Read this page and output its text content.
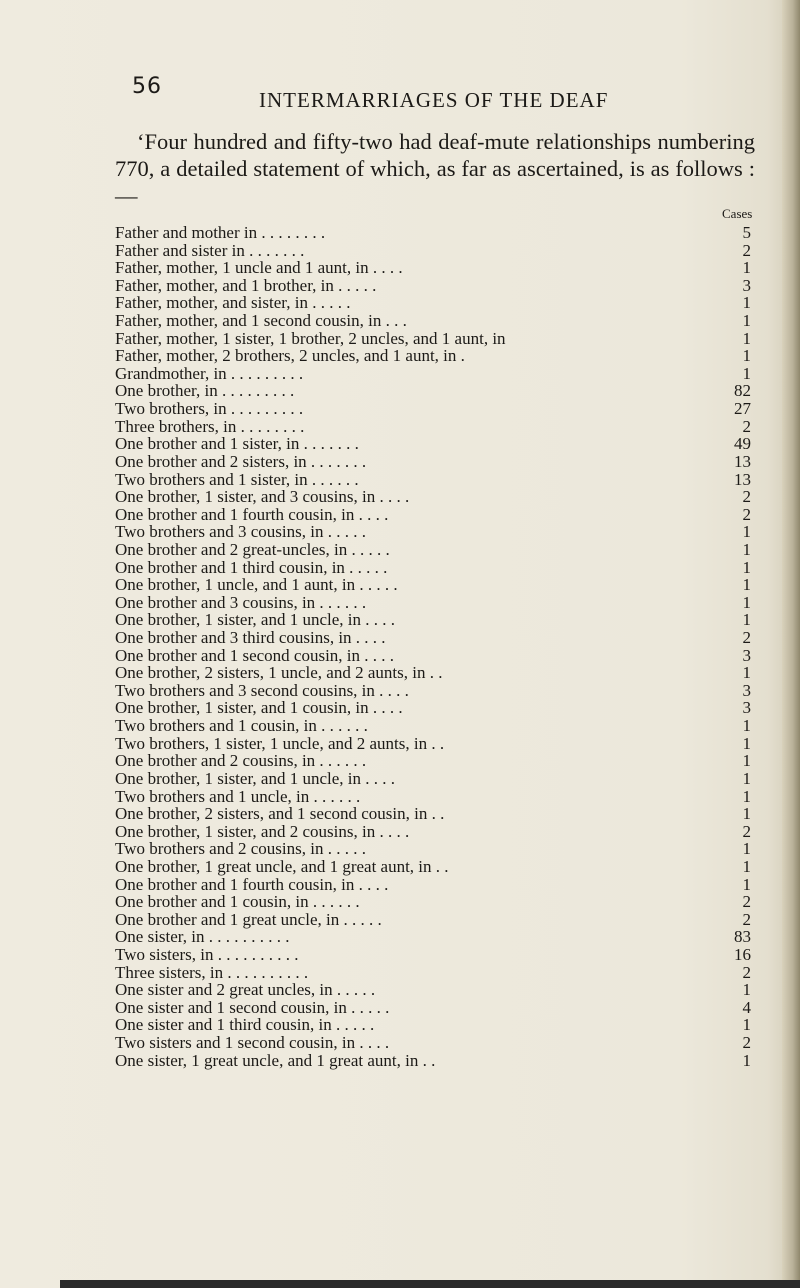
56
INTERMARRIAGES OF THE DEAF
‘Four hundred and fifty-two had deaf-mute relationships numbering 770, a detailed statement of which, as far as ascertained, is as follows :—
Cases
Father and mother in . . . . . . . .	5
Father and sister in . . . . . . .	2
Father, mother, 1 uncle and 1 aunt, in . . . .	1
Father, mother, and 1 brother, in . . . . .	3
Father, mother, and sister, in . . . . .	1
Father, mother, and 1 second cousin, in . . .	1
Father, mother, 1 sister, 1 brother, 2 uncles, and 1 aunt, in	1
Father, mother, 2 brothers, 2 uncles, and 1 aunt, in .	1
Grandmother, in . . . . . . . . .	1
One brother, in . . . . . . . . .	82
Two brothers, in . . . . . . . . .	27
Three brothers, in . . . . . . . .	2
One brother and 1 sister, in . . . . . . .	49
One brother and 2 sisters, in . . . . . . .	13
Two brothers and 1 sister, in . . . . . .	13
One brother, 1 sister, and 3 cousins, in . . . .	2
One brother and 1 fourth cousin, in . . . .	2
Two brothers and 3 cousins, in . . . . .	1
One brother and 2 great-uncles, in . . . . .	1
One brother and 1 third cousin, in . . . . .	1
One brother, 1 uncle, and 1 aunt, in . . . . .	1
One brother and 3 cousins, in . . . . . .	1
One brother, 1 sister, and 1 uncle, in . . . .	1
One brother and 3 third cousins, in . . . .	2
One brother and 1 second cousin, in . . . .	3
One brother, 2 sisters, 1 uncle, and 2 aunts, in . .	1
Two brothers and 3 second cousins, in . . . .	3
One brother, 1 sister, and 1 cousin, in . . . .	3
Two brothers and 1 cousin, in . . . . . .	1
Two brothers, 1 sister, 1 uncle, and 2 aunts, in . .	1
One brother and 2 cousins, in . . . . . .	1
One brother, 1 sister, and 1 uncle, in . . . .	1
Two brothers and 1 uncle, in . . . . . .	1
One brother, 2 sisters, and 1 second cousin, in . .	1
One brother, 1 sister, and 2 cousins, in . . . .	2
Two brothers and 2 cousins, in . . . . .	1
One brother, 1 great uncle, and 1 great aunt, in . .	1
One brother and 1 fourth cousin, in . . . .	1
One brother and 1 cousin, in . . . . . .	2
One brother and 1 great uncle, in . . . . .	2
One sister, in . . . . . . . . . .	83
Two sisters, in . . . . . . . . . .	16
Three sisters, in . . . . . . . . . .	2
One sister and 2 great uncles, in . . . . .	1
One sister and 1 second cousin, in . . . . .	4
One sister and 1 third cousin, in . . . . .	1
Two sisters and 1 second cousin, in . . . .	2
One sister, 1 great uncle, and 1 great aunt, in . .	1
